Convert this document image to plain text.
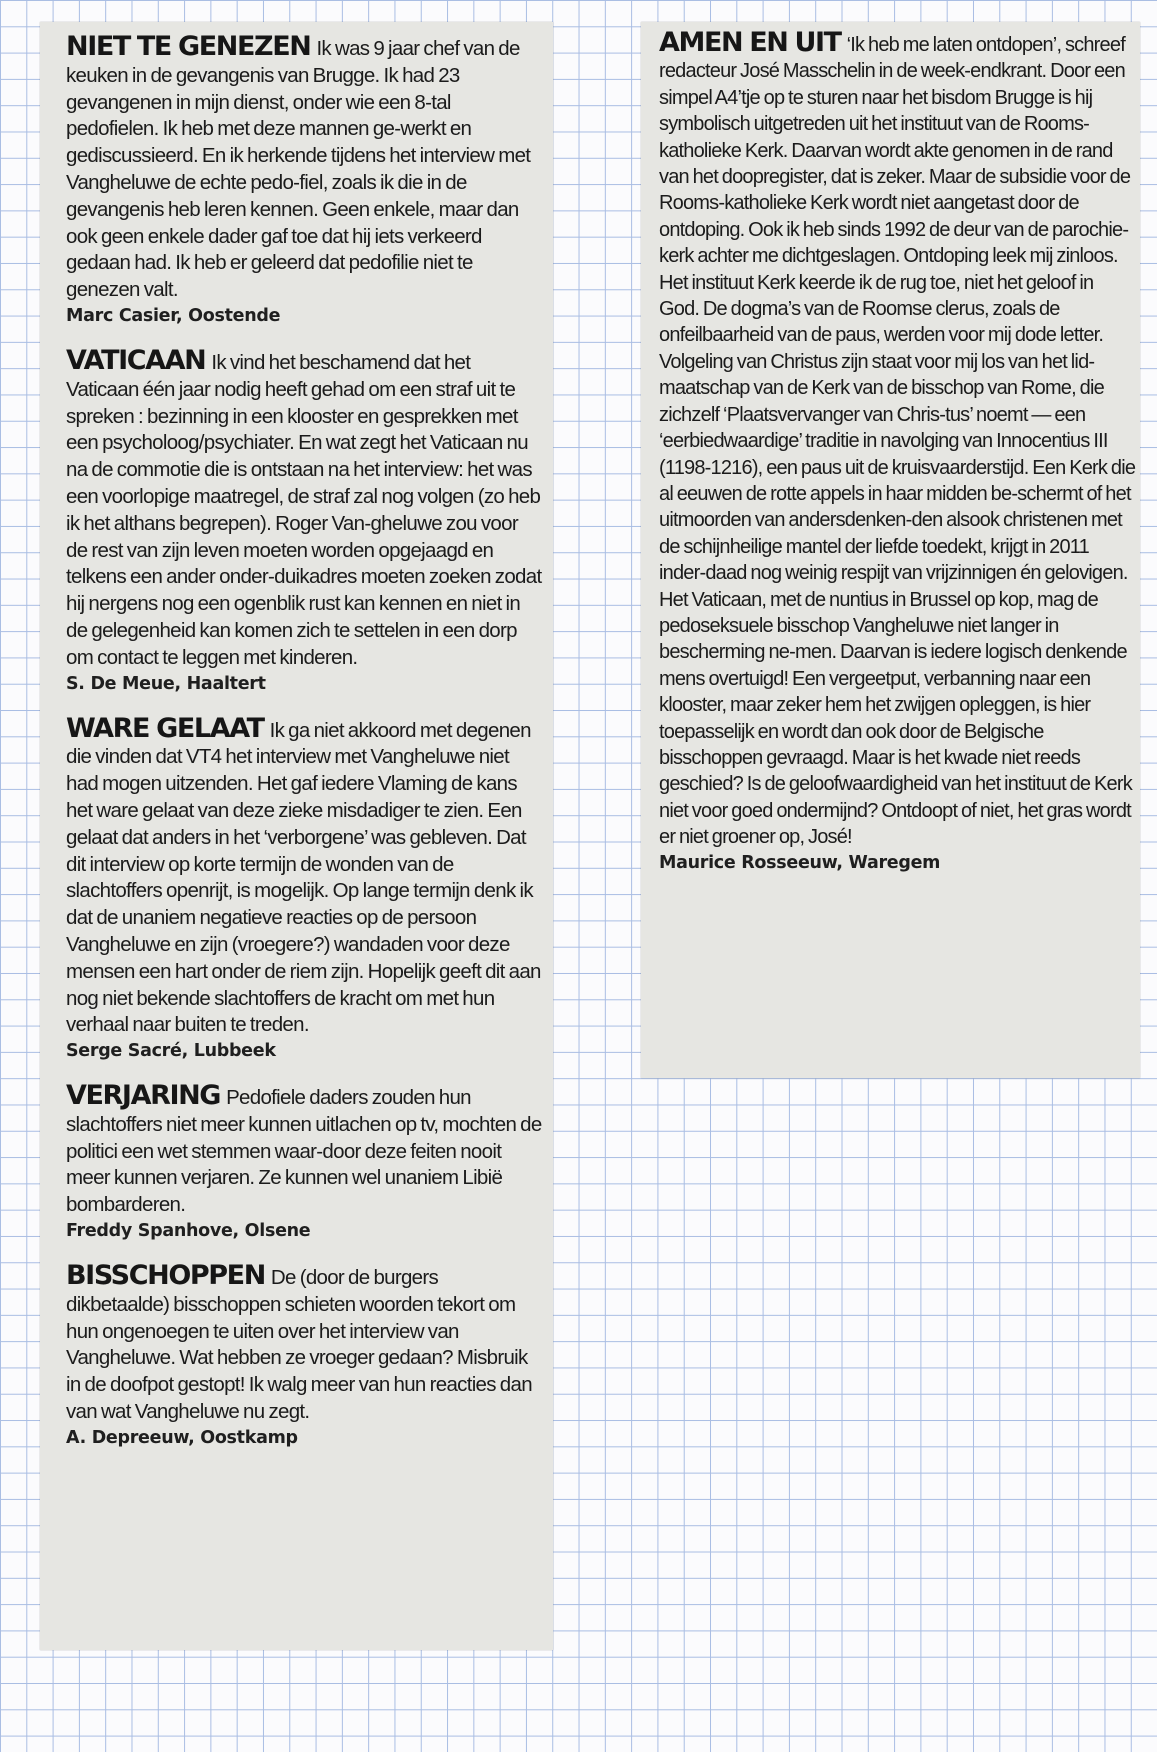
NIET TE GENEZEN Ik was 9 jaar chef van de keuken in de gevangenis van Brugge. Ik had 23 gevangenen in mijn dienst, onder wie een 8-tal pedofielen. Ik heb met deze mannen ge-werkt en gediscussieerd. En ik herkende tijdens het interview met Vangheluwe de echte pedo-fiel, zoals ik die in de gevangenis heb leren kennen. Geen enkele, maar dan ook geen enkele dader gaf toe dat hij iets verkeerd gedaan had. Ik heb er geleerd dat pedofilie niet te genezen valt.

Marc Casier, Oostende

VATICAAN Ik vind het beschamend dat het Vaticaan één jaar nodig heeft gehad om een straf uit te spreken : bezinning in een klooster en gesprekken met een psycholoog/psychiater. En wat zegt het Vaticaan nu na de commotie die is ontstaan na het interview: het was een voorlopige maatregel, de straf zal nog volgen (zo heb ik het althans begrepen). Roger Van-gheluwe zou voor de rest van zijn leven moeten worden opgejaagd en telkens een ander onder-duikadres moeten zoeken zodat hij nergens nog een ogenblik rust kan kennen en niet in de gelegenheid kan komen zich te settelen in een dorp om contact te leggen met kinderen.

S. De Meue, Haaltert

WARE GELAAT Ik ga niet akkoord met degenen die vinden dat VT4 het interview met Vangheluwe niet had mogen uitzenden. Het gaf iedere Vlaming de kans het ware gelaat van deze zieke misdadiger te zien. Een gelaat dat anders in het ‘verborgene’ was gebleven. Dat dit interview op korte termijn de wonden van de slachtoffers openrijt, is mogelijk. Op lange termijn denk ik dat de unaniem negatieve reacties op de persoon Vangheluwe en zijn (vroegere?) wandaden voor deze mensen een hart onder de riem zijn. Hopelijk geeft dit aan nog niet bekende slachtoffers de kracht om met hun verhaal naar buiten te treden.

Serge Sacré, Lubbeek

VERJARING Pedofiele daders zouden hun slachtoffers niet meer kunnen uitlachen op tv, mochten de politici een wet stemmen waar-door deze feiten nooit meer kunnen verjaren. Ze kunnen wel unaniem Libië bombarderen.

Freddy Spanhove, Olsene

BISSCHOPPEN De (door de burgers dikbetaalde) bisschoppen schieten woorden tekort om hun ongenoegen te uiten over het interview van Vangheluwe. Wat hebben ze vroeger gedaan? Misbruik in de doofpot gestopt! Ik walg meer van hun reacties dan van wat Vangheluwe nu zegt.

A. Depreeuw, Oostkamp

AMEN EN UIT ‘Ik heb me laten ontdopen’, schreef redacteur José Masschelin in de week-endkrant. Door een simpel A4’tje op te sturen naar het bisdom Brugge is hij symbolisch uitgetreden uit het instituut van de Rooms-katholieke Kerk. Daarvan wordt akte genomen in de rand van het doopregister, dat is zeker. Maar de subsidie voor de Rooms-katholieke Kerk wordt niet aangetast door de ontdoping. Ook ik heb sinds 1992 de deur van de parochie-kerk achter me dichtgeslagen. Ontdoping leek mij zinloos. Het instituut Kerk keerde ik de rug toe, niet het geloof in God. De dogma’s van de Roomse clerus, zoals de onfeilbaarheid van de paus, werden voor mij dode letter. Volgeling van Christus zijn staat voor mij los van het lid-maatschap van de Kerk van de bisschop van Rome, die zichzelf ‘Plaatsvervanger van Chris-tus’ noemt — een ‘eerbiedwaardige’ traditie in navolging van Innocentius III (1198-1216), een paus uit de kruisvaarderstijd. Een Kerk die al eeuwen de rotte appels in haar midden be-schermt of het uitmoorden van andersdenken-den alsook christenen met de schijnheilige mantel der liefde toedekt, krijgt in 2011 inder-daad nog weinig respijt van vrijzinnigen én gelovigen. Het Vaticaan, met de nuntius in Brussel op kop, mag de pedoseksuele bisschop Vangheluwe niet langer in bescherming ne-men. Daarvan is iedere logisch denkende mens overtuigd! Een vergeetput, verbanning naar een klooster, maar zeker hem het zwijgen opleggen, is hier toepasselijk en wordt dan ook door de Belgische bisschoppen gevraagd. Maar is het kwade niet reeds geschied? Is de geloofwaardigheid van het instituut de Kerk niet voor goed ondermijnd? Ontdoopt of niet, het gras wordt er niet groener op, José!

Maurice Rosseeuw, Waregem
